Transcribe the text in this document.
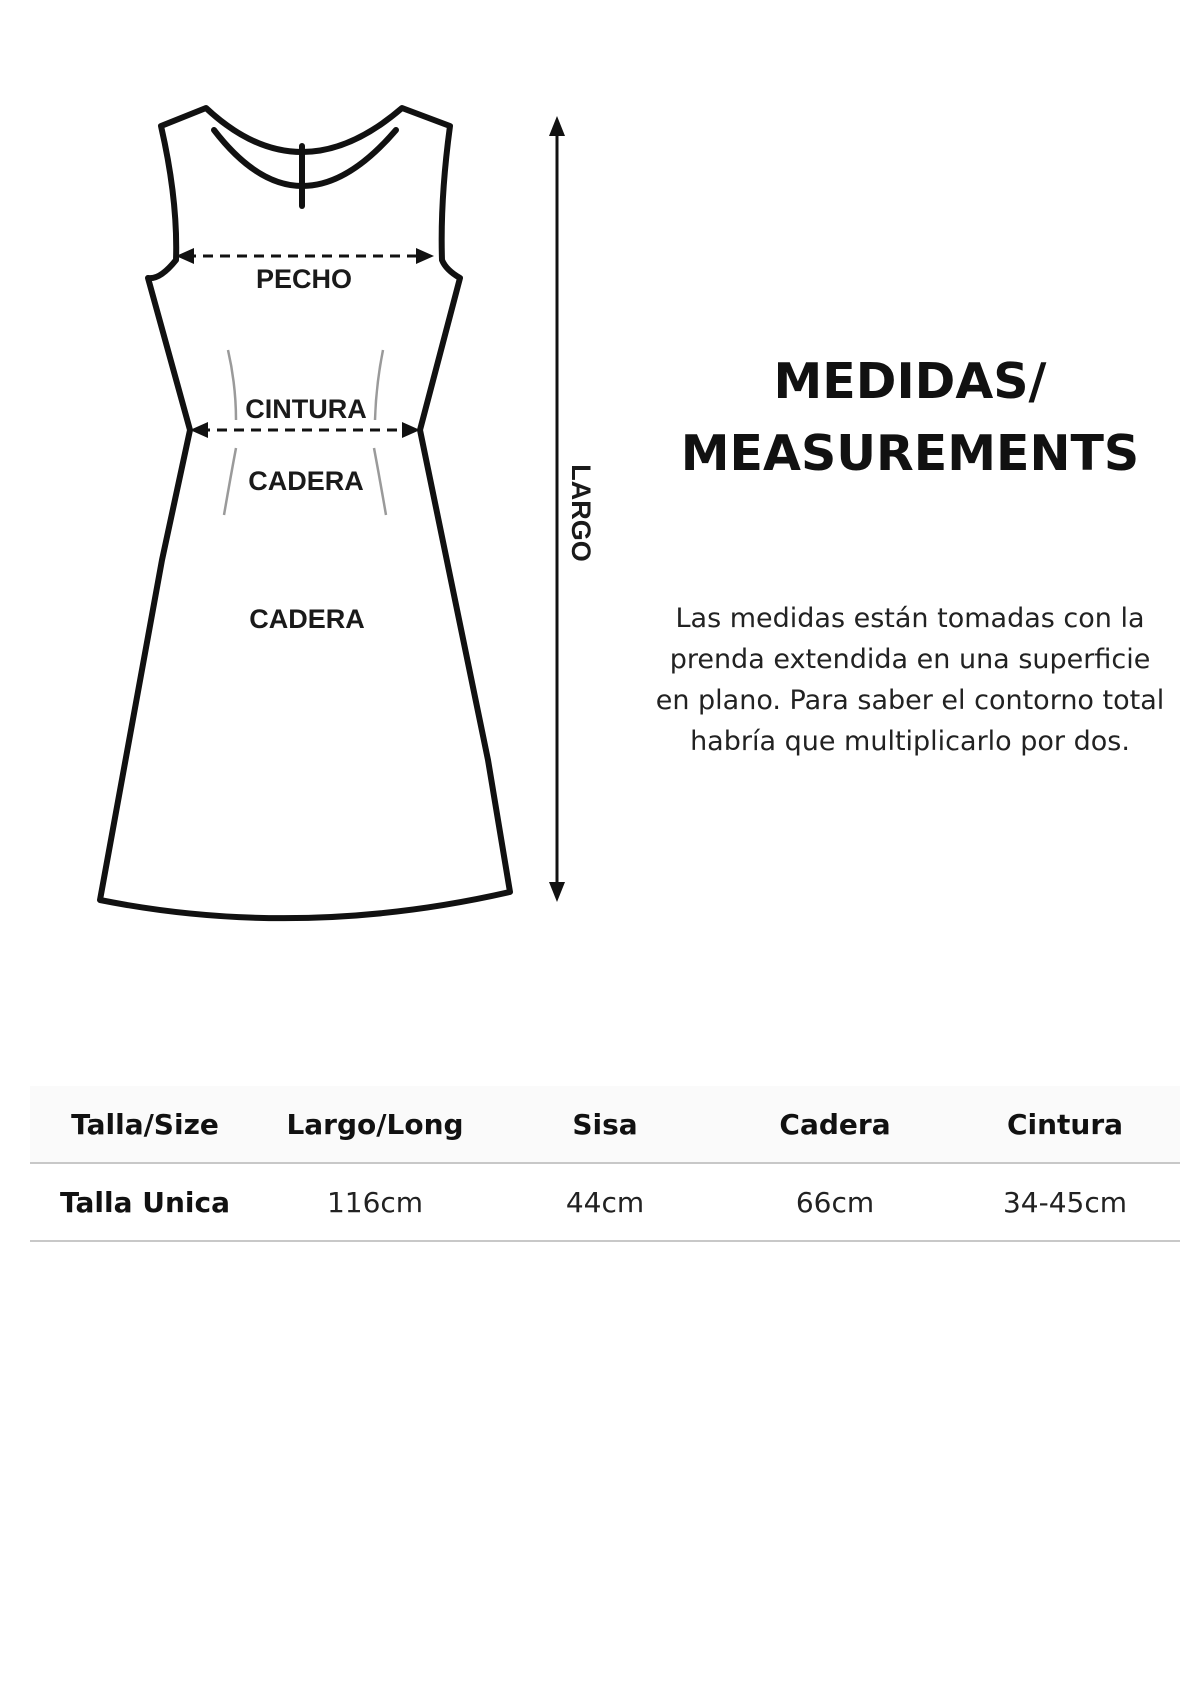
PECHO
CINTURA
CADERA
CADERA
LARGO
MEDIDAS/
MEASUREMENTS

Las medidas están tomadas con la prenda extendida en una superficie en plano. Para saber el contorno total habría que multiplicarlo por dos.

Talla/Size	Largo/Long	Sisa	Cadera	Cintura
Talla Unica	116cm	44cm	66cm	34-45cm
